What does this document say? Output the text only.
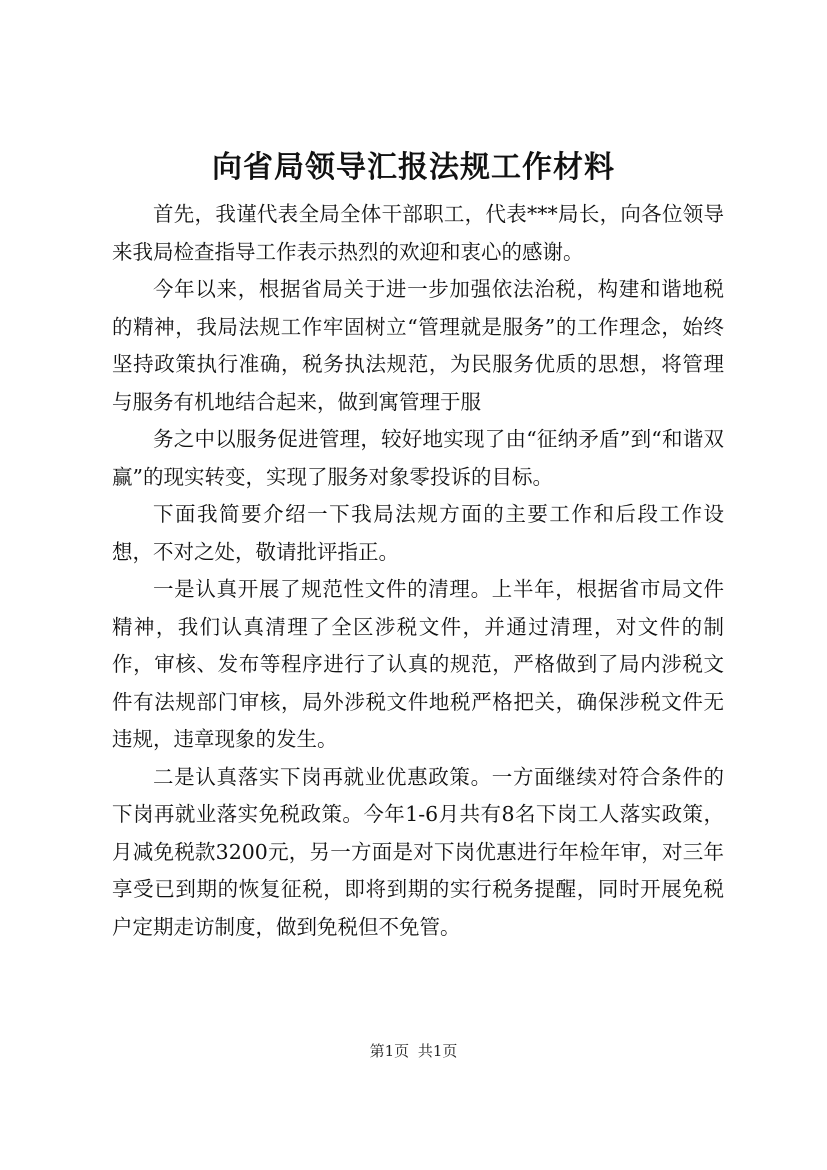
向省局领导汇报法规工作材料

首先，我谨代表全局全体干部职工，代表***局长，向各位领导来我局检查指导工作表示热烈的欢迎和衷心的感谢。

今年以来，根据省局关于进一步加强依法治税，构建和谐地税的精神，我局法规工作牢固树立“管理就是服务”的工作理念，始终坚持政策执行准确，税务执法规范，为民服务优质的思想，将管理与服务有机地结合起来，做到寓管理于服

务之中以服务促进管理，较好地实现了由“征纳矛盾”到“和谐双赢”的现实转变，实现了服务对象零投诉的目标。

下面我简要介绍一下我局法规方面的主要工作和后段工作设想，不对之处，敬请批评指正。

一是认真开展了规范性文件的清理。上半年，根据省市局文件精神，我们认真清理了全区涉税文件，并通过清理，对文件的制作，审核、发布等程序进行了认真的规范，严格做到了局内涉税文件有法规部门审核，局外涉税文件地税严格把关，确保涉税文件无违规，违章现象的发生。

二是认真落实下岗再就业优惠政策。一方面继续对符合条件的下岗再就业落实免税政策。今年1-6月共有8名下岗工人落实政策，月减免税款3200元，另一方面是对下岗优惠进行年检年审，对三年享受已到期的恢复征税，即将到期的实行税务提醒，同时开展免税户定期走访制度，做到免税但不免管。

第1页 共1页
